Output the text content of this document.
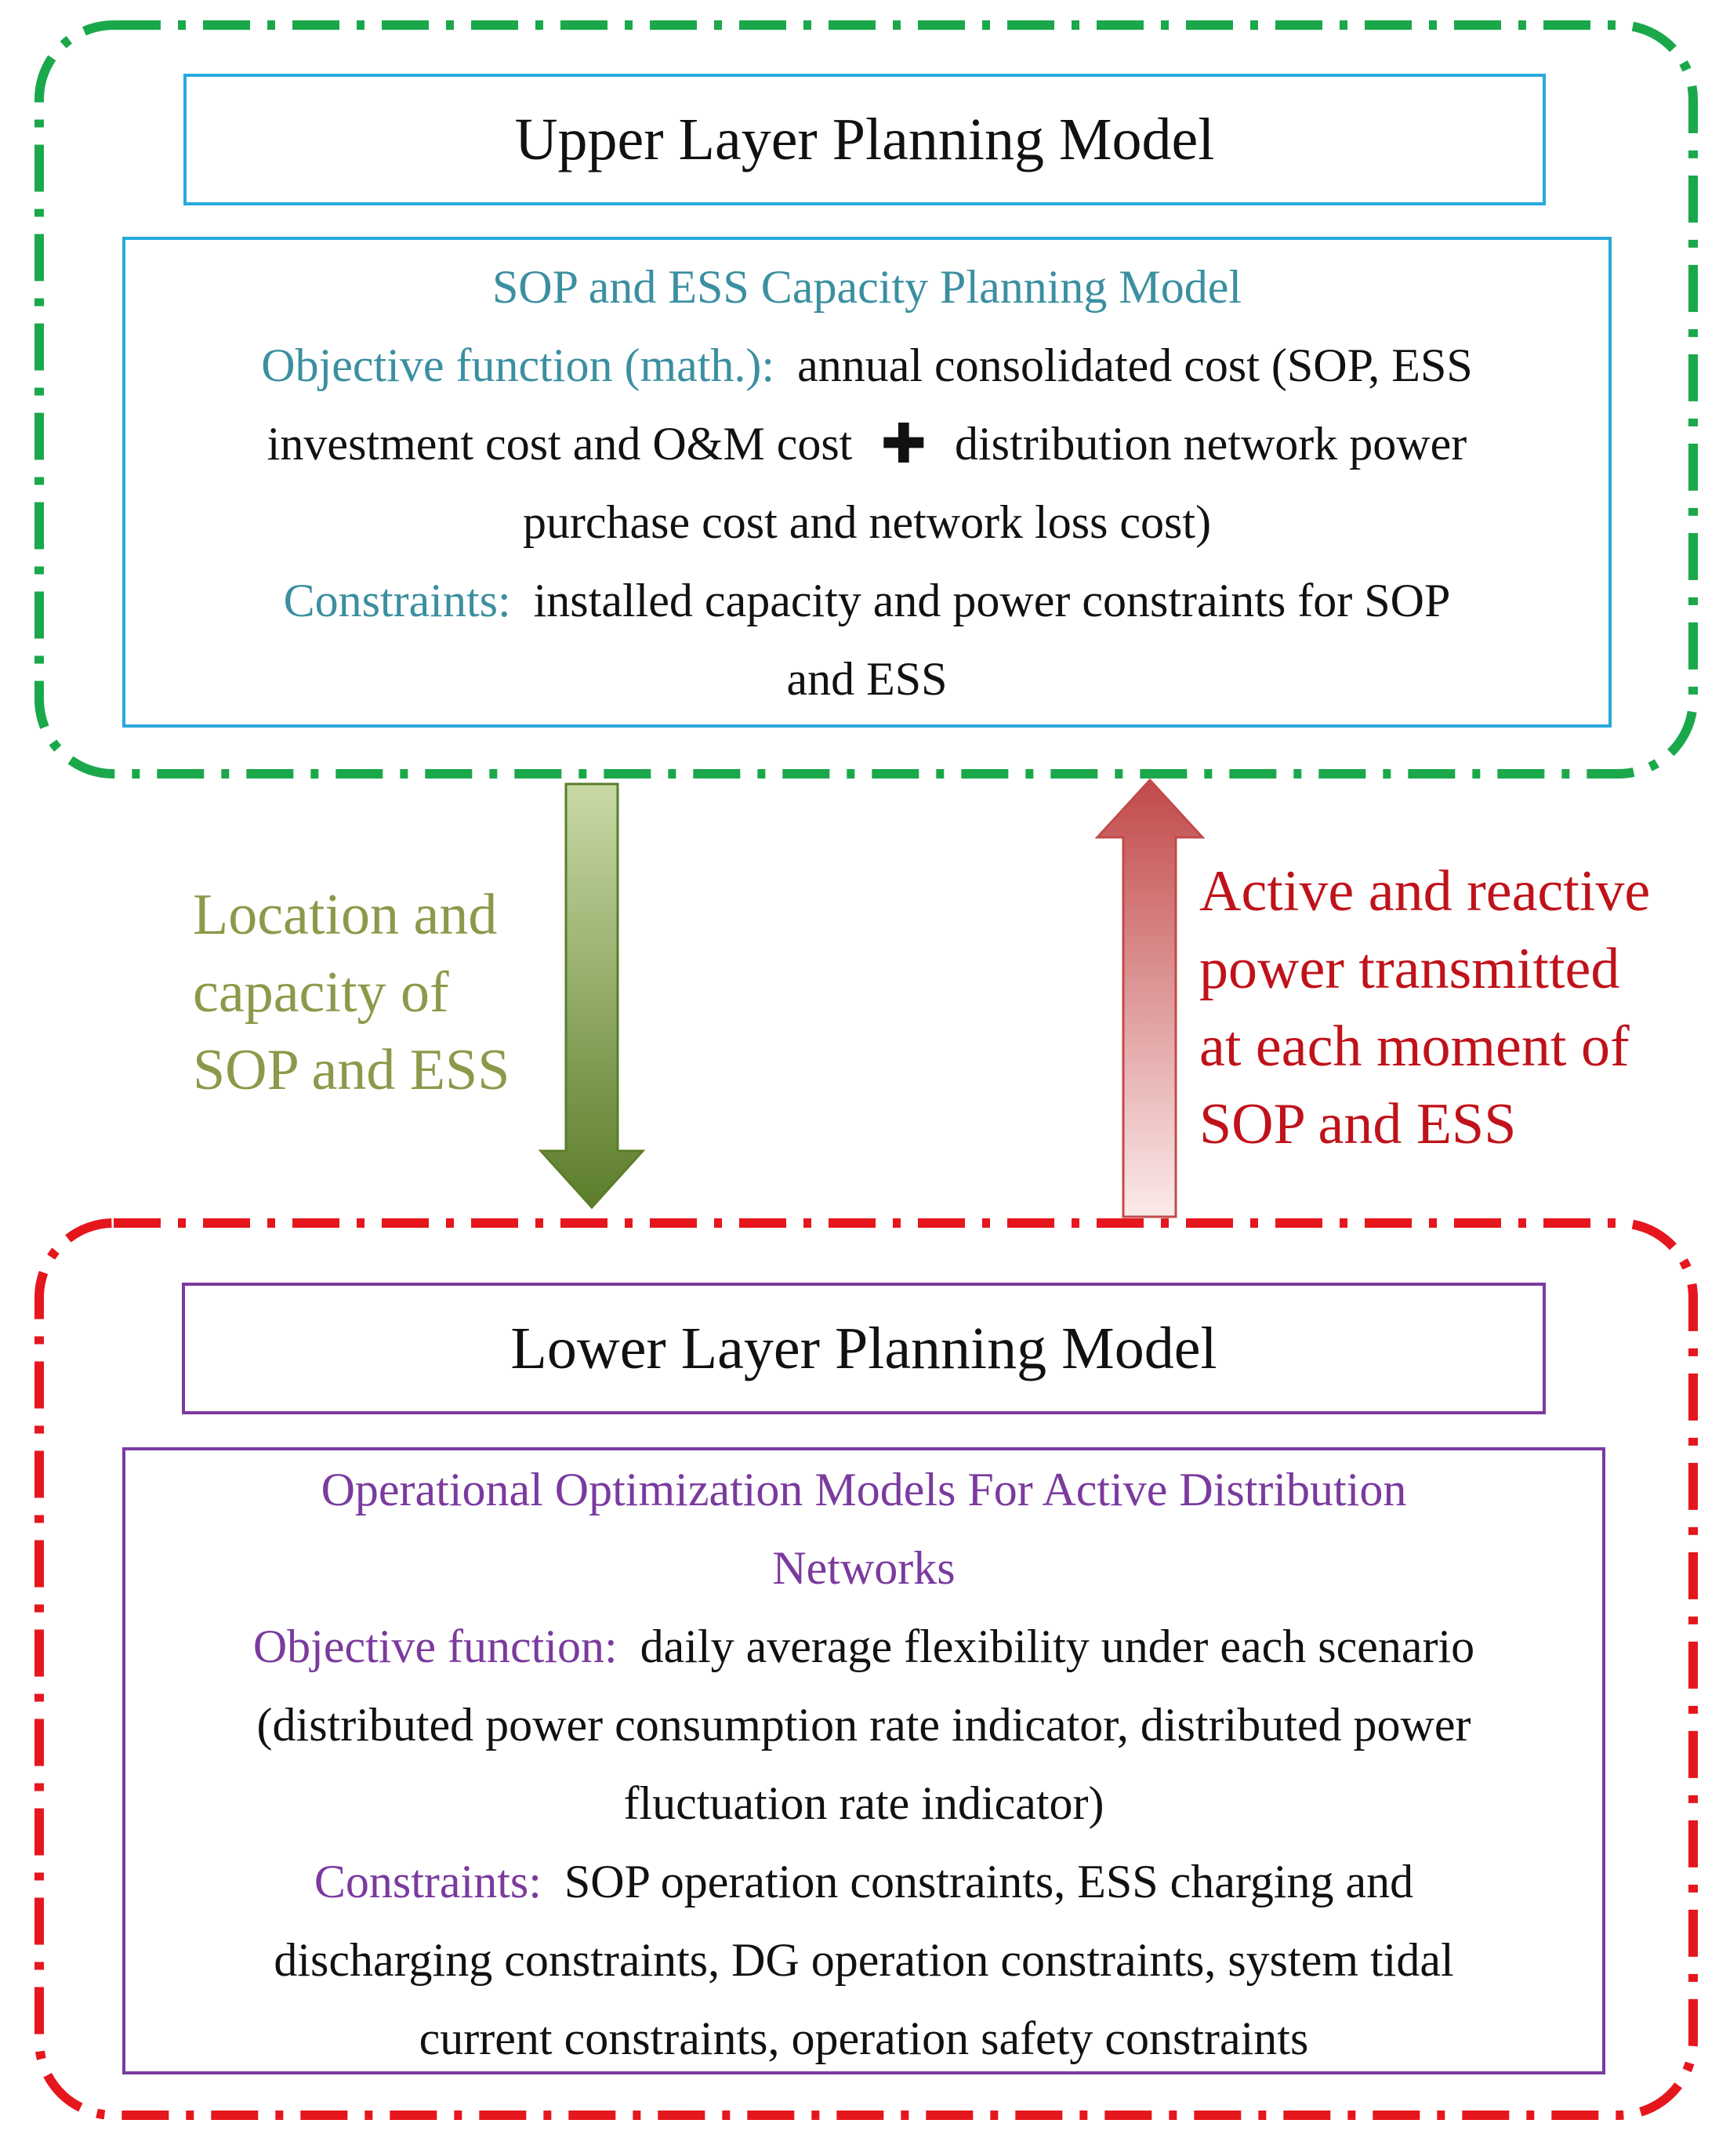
Upper Layer Planning Model
SOP and ESS Capacity Planning Model
Objective function (math.): annual consolidated cost (SOP, ESS
investment cost and O&M cost ✚ distribution network power
purchase cost and network loss cost)
Constraints: installed capacity and power constraints for SOP
and ESS
Location and
capacity of
SOP and ESS
Active and reactive
power transmitted
at each moment of
SOP and ESS
Lower Layer Planning Model
Operational Optimization Models For Active Distribution
Networks
Objective function: daily average flexibility under each scenario
(distributed power consumption rate indicator, distributed power
fluctuation rate indicator)
Constraints: SOP operation constraints, ESS charging and
discharging constraints, DG operation constraints, system tidal
current constraints, operation safety constraints
